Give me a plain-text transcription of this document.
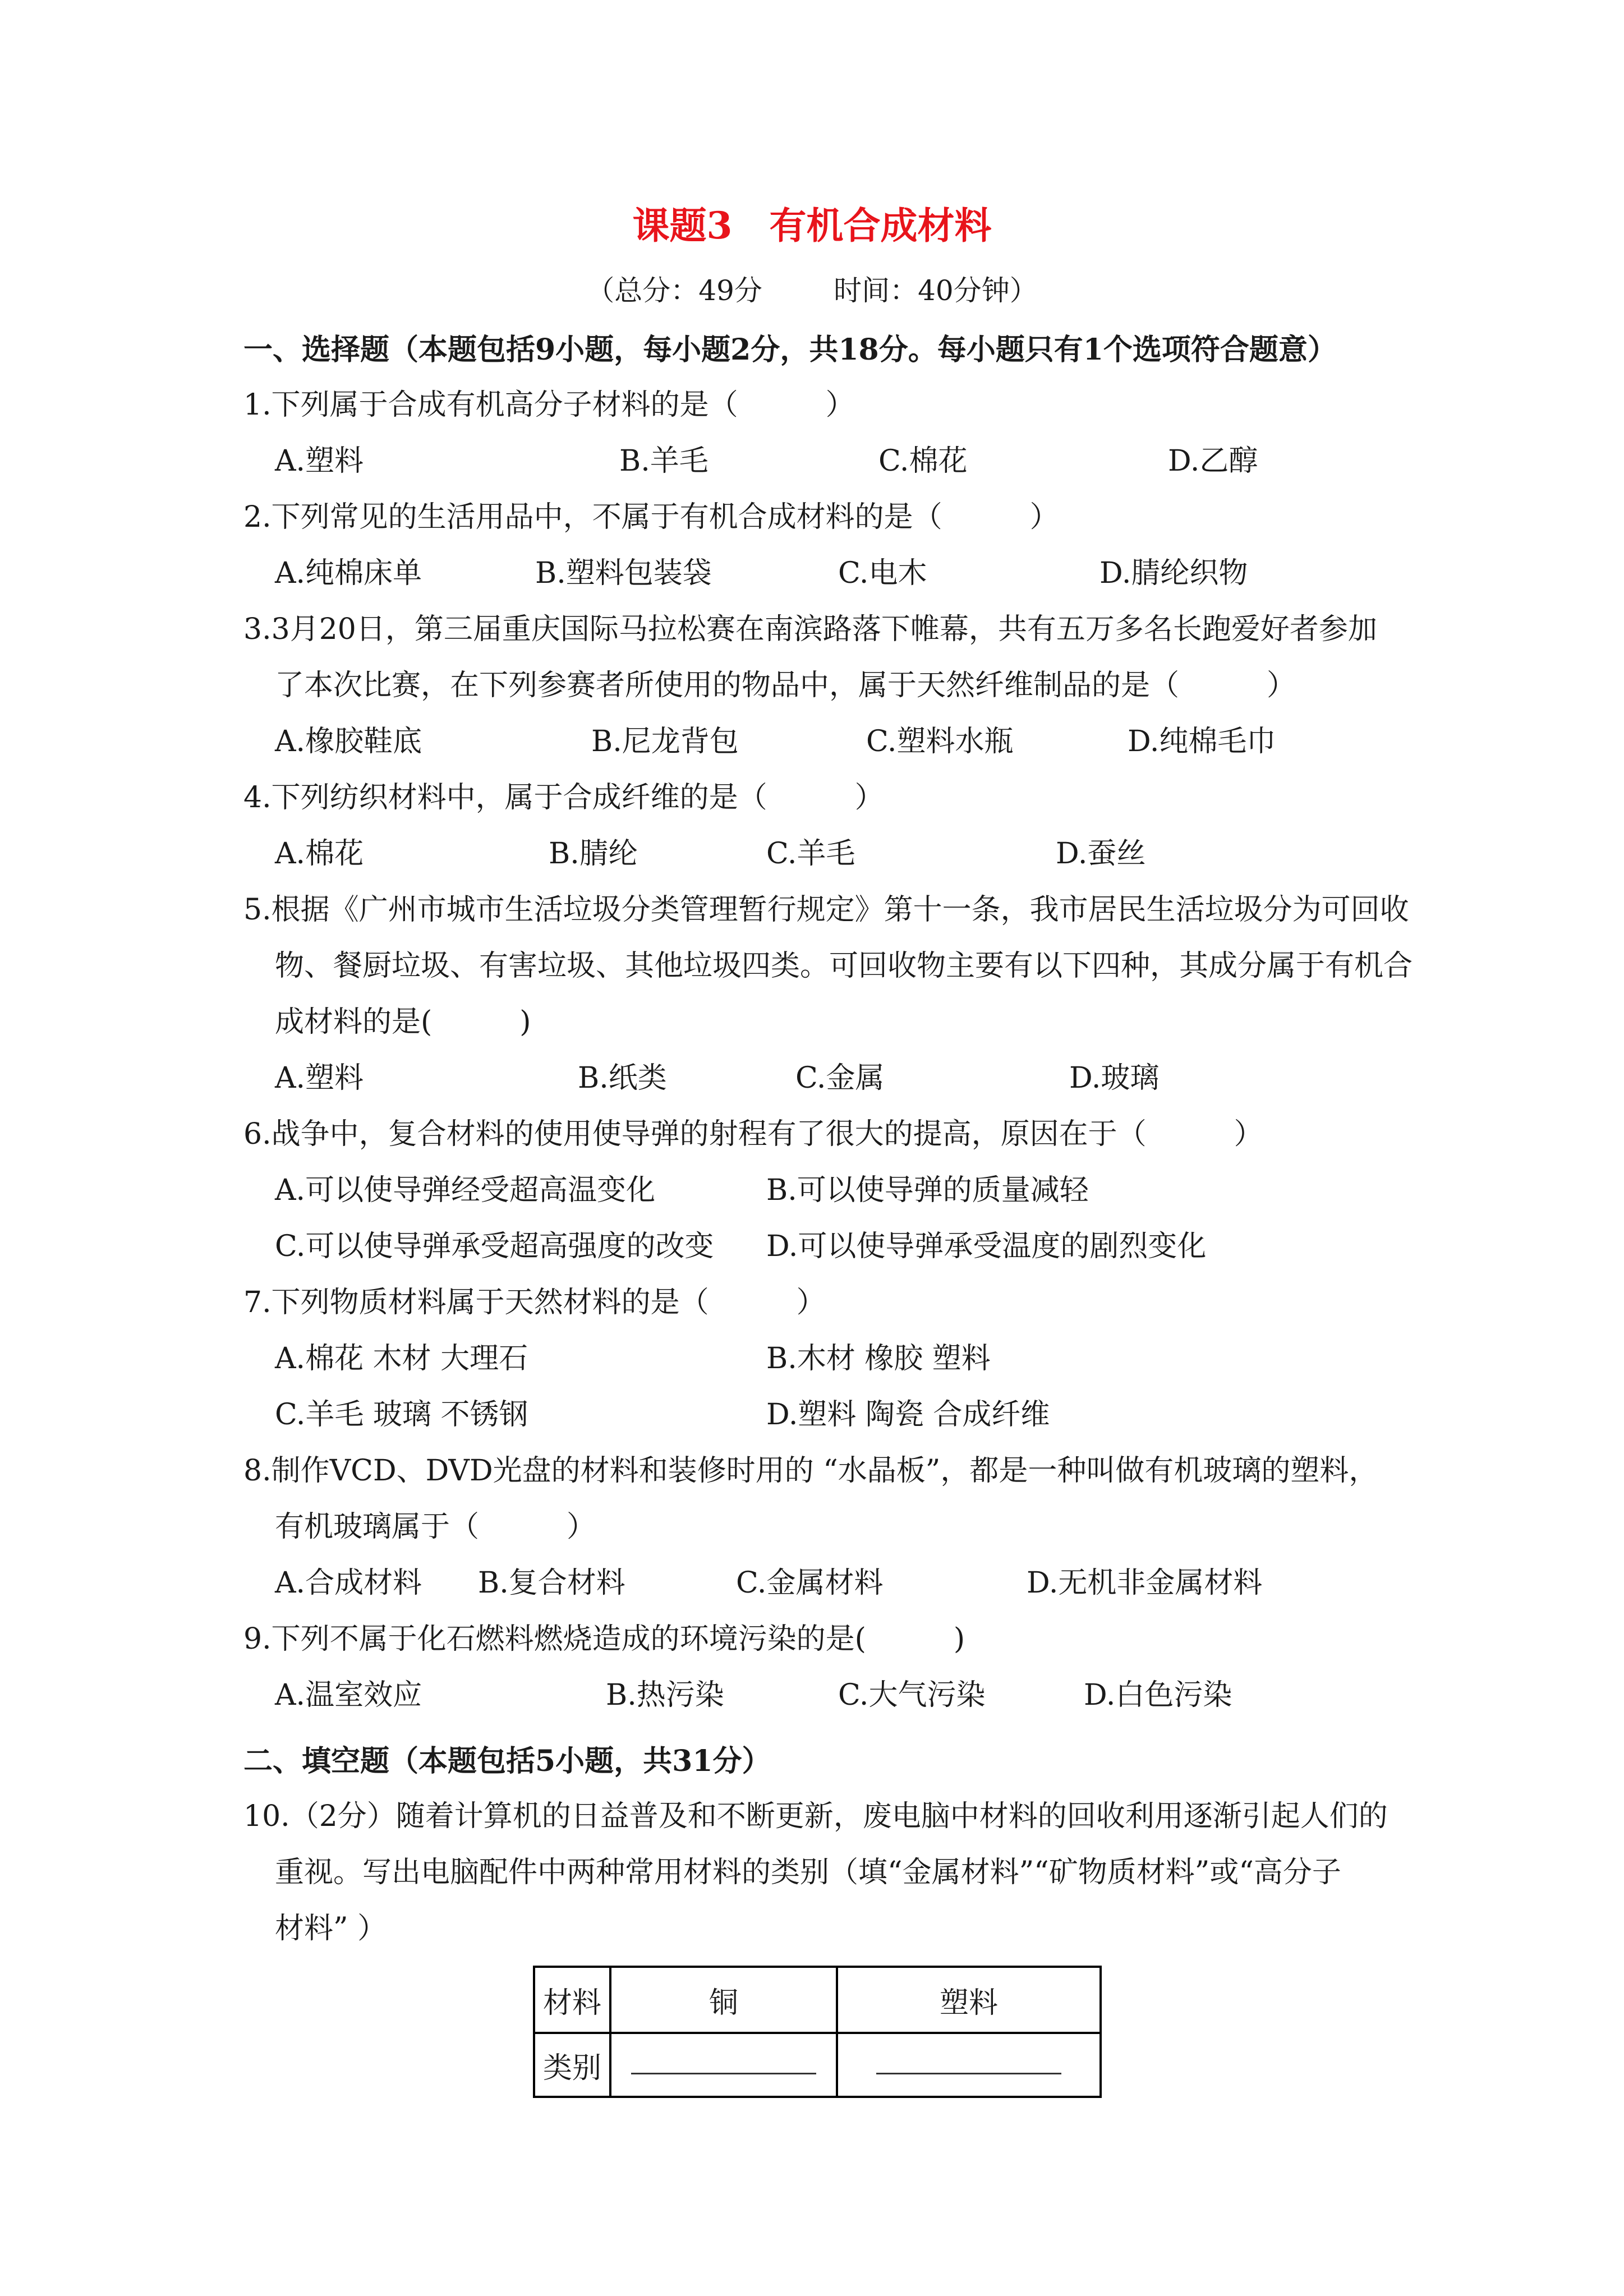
课题3　有机合成材料
（总分：49分	时间：40分钟）
一、选择题（本题包括9小题，每小题2分，共18分。每小题只有1个选项符合题意）
1.下列属于合成有机高分子材料的是（　　　）
A.塑料	B.羊毛	C.棉花	D.乙醇
2.下列常见的生活用品中，不属于有机合成材料的是（　　　）
A.纯棉床单	B.塑料包装袋	C.电木	D.腈纶织物
3.3月20日，第三届重庆国际马拉松赛在南滨路落下帷幕，共有五万多名长跑爱好者参加
了本次比赛，在下列参赛者所使用的物品中，属于天然纤维制品的是（　　　）
A.橡胶鞋底	B.尼龙背包	C.塑料水瓶	D.纯棉毛巾
4.下列纺织材料中，属于合成纤维的是（　　　）
A.棉花	B.腈纶	C.羊毛	D.蚕丝
5.根据《广州市城市生活垃圾分类管理暂行规定》第十一条，我市居民生活垃圾分为可回收
物、餐厨垃圾、有害垃圾、其他垃圾四类。可回收物主要有以下四种，其成分属于有机合
成材料的是(　　　)
A.塑料	B.纸类	C.金属	D.玻璃
6.战争中，复合材料的使用使导弹的射程有了很大的提高，原因在于（　　　）
A.可以使导弹经受超高温变化	B.可以使导弹的质量减轻
C.可以使导弹承受超高强度的改变 D.可以使导弹承受温度的剧烈变化
7.下列物质材料属于天然材料的是（　　　）
A.棉花 木材 大理石	B.木材 橡胶 塑料
C.羊毛 玻璃 不锈钢	D.塑料 陶瓷 合成纤维
8.制作VCD、DVD光盘的材料和装修时用的 “水晶板”，都是一种叫做有机玻璃的塑料，
有机玻璃属于（　　　）
A.合成材料 B.复合材料	C.金属材料	D.无机非金属材料
9.下列不属于化石燃料燃烧造成的环境污染的是(　　　)
A.温室效应	B.热污染	C.大气污染	D.白色污染
二、填空题（本题包括5小题，共31分）
10.（2分）随着计算机的日益普及和不断更新，废电脑中材料的回收利用逐渐引起人们的
重视。写出电脑配件中两种常用材料的类别（填“金属材料”“矿物质材料”或“高分子
材料” ）
材料	铜	塑料
类别		
